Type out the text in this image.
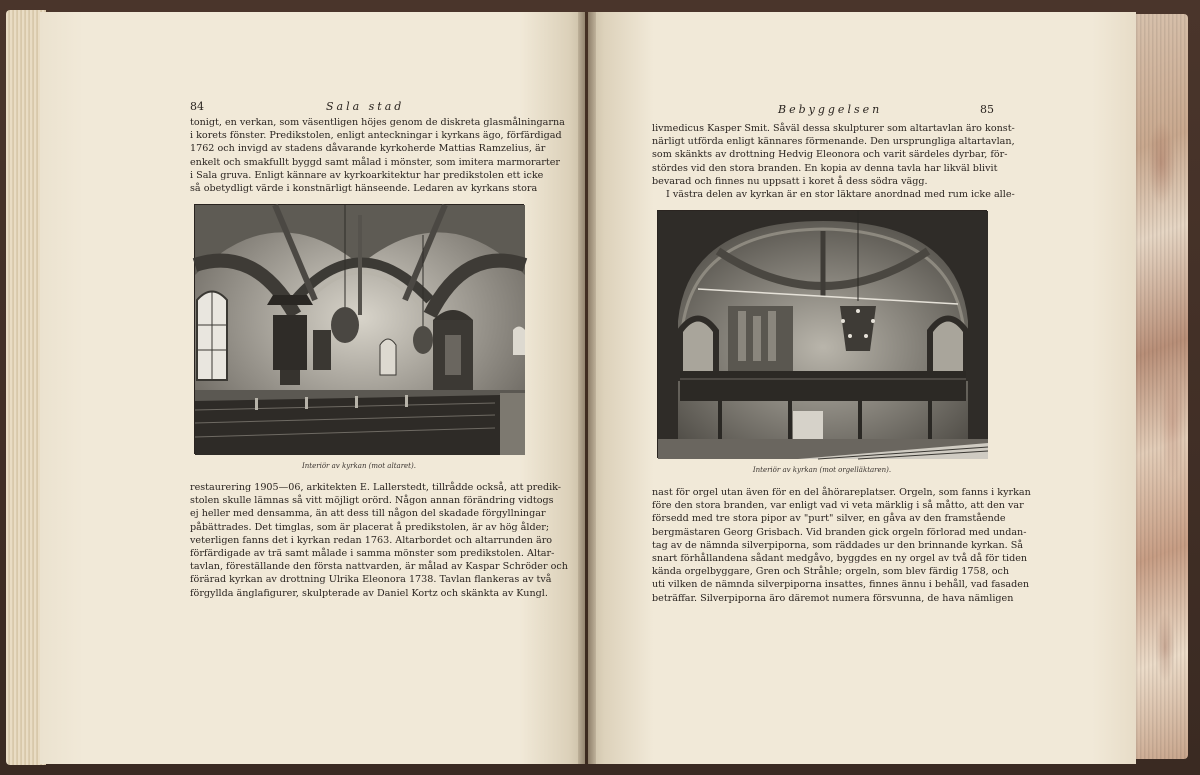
84	Sala stad
tonigt, en verkan, som väsentligen höjes genom de diskreta glasmålningarna
i korets fönster. Predikstolen, enligt anteckningar i kyrkans ägo, förfärdigad
1762 och invigd av stadens dåvarande kyrkoherde Mattias Ramzelius, är
enkelt och smakfullt byggd samt målad i mönster, som imitera marmorarter
i Sala gruva. Enligt kännare av kyrkoarkitektur har predikstolen ett icke
så obetydligt värde i konstnärligt hänseende. Ledaren av kyrkans stora
Interiör av kyrkan (mot altaret).
restaurering 1905—06, arkitekten E. Lallerstedt, tillrådde också, att predik-
stolen skulle lämnas så vitt möjligt orörd. Någon annan förändring vidtogs
ej heller med densamma, än att dess till någon del skadade förgyllningar
påbättrades. Det timglas, som är placerat å predikstolen, är av hög ålder;
veterligen fanns det i kyrkan redan 1763. Altarbordet och altarrunden äro
förfärdigade av trä samt målade i samma mönster som predikstolen. Altar-
tavlan, föreställande den första nattvarden, är målad av Kaspar Schröder och
förärad kyrkan av drottning Ulrika Eleonora 1738. Tavlan flankeras av två
förgyllda änglafigurer, skulpterade av Daniel Kortz och skänkta av Kungl.
Bebyggelsen	85
livmedicus Kasper Smit. Såväl dessa skulpturer som altartavlan äro konst-
närligt utförda enligt kännares förmenande. Den ursprungliga altartavlan,
som skänkts av drottning Hedvig Eleonora och varit särdeles dyrbar, för-
stördes vid den stora branden. En kopia av denna tavla har likväl blivit
bevarad och finnes nu uppsatt i koret å dess södra vägg.
I västra delen av kyrkan är en stor läktare anordnad med rum icke alle-
Interiör av kyrkan (mot orgelläktaren).
nast för orgel utan även för en del åhörareplatser. Orgeln, som fanns i kyrkan
före den stora branden, var enligt vad vi veta märklig i så måtto, att den var
försedd med tre stora pipor av "purt" silver, en gåva av den framstående
bergmästaren Georg Grisbach. Vid branden gick orgeln förlorad med undan-
tag av de nämnda silverpiporna, som räddades ur den brinnande kyrkan. Så
snart förhållandena sådant medgåvo, byggdes en ny orgel av två då för tiden
kända orgelbyggare, Gren och Stråhle; orgeln, som blev färdig 1758, och
uti vilken de nämnda silverpiporna insattes, finnes ännu i behåll, vad fasaden
beträffar. Silverpiporna äro däremot numera försvunna, de hava nämligen
